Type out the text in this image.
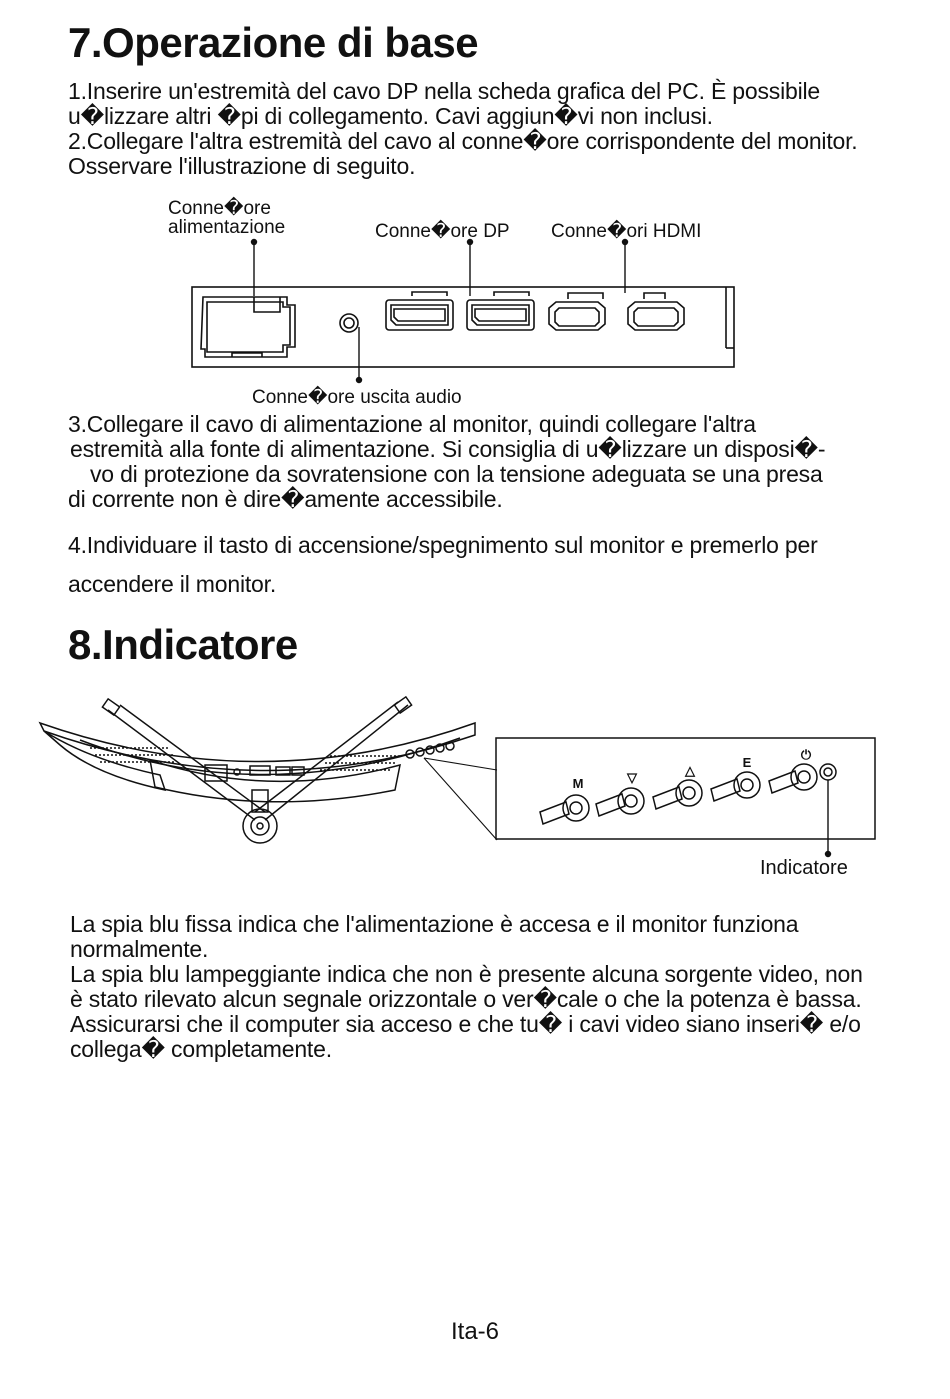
7.Operazione di base

1.Inserire un'estremità del cavo DP nella scheda grafica del PC. È possibile

u�lizzare altri �pi di collegamento. Cavi aggiun�vi non inclusi.

2.Collegare l'altra estremità del cavo al conne�ore corrispondente del monitor.

Osservare l'illustrazione di seguito.

Conne�ore
alimentazione	Conne�ore DP Conne�ori HDMI
Conne�ore uscita audio

3.Collegare il cavo di alimentazione al monitor, quindi collegare l'altra

estremità alla fonte di alimentazione. Si consiglia di u�lizzare un disposi�-

vo di protezione da sovratensione con la tensione adeguata se una presa

di corrente non è dire�amente accessibile.

4.Individuare il tasto di accensione/spegnimento sul monitor e premerlo per

accendere il monitor.

8.Indicatore
M	▽	△
E
⏻
Indicatore

La spia blu fissa indica che l'alimentazione è accesa e il monitor funziona

normalmente.

La spia blu lampeggiante indica che non è presente alcuna sorgente video, non

è stato rilevato alcun segnale orizzontale o ver�cale o che la potenza è bassa.

Assicurarsi che il computer sia acceso e che tu� i cavi video siano inseri� e/o

collega� completamente.

Ita-6
